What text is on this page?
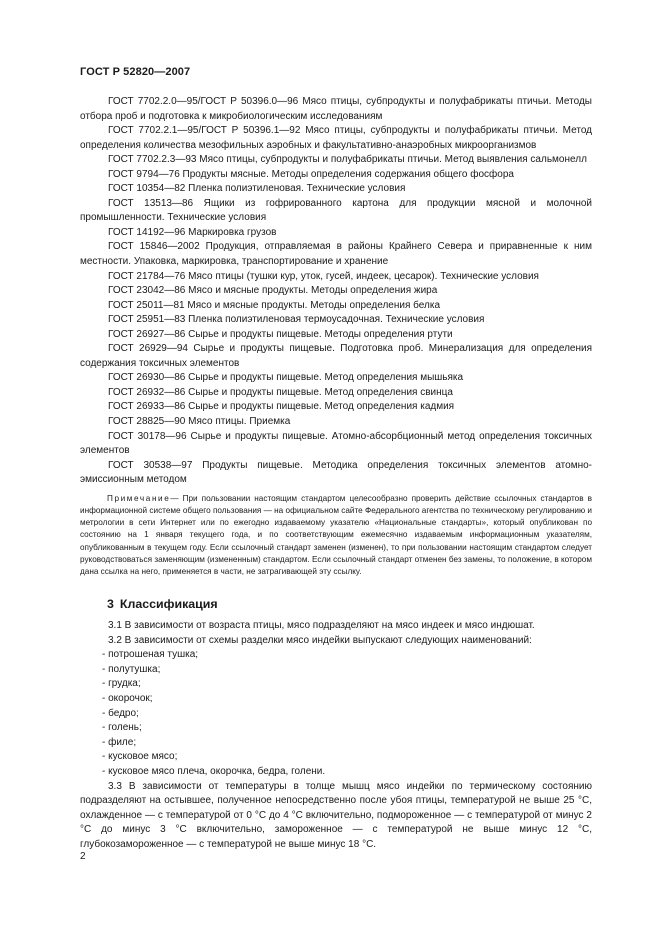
ГОСТ Р 52820—2007

ГОСТ 7702.2.0—95/ГОСТ Р 50396.0—96 Мясо птицы, субпродукты и полуфабрикаты птичьи. Методы отбора проб и подготовка к микробиологическим исследованиям

ГОСТ 7702.2.1—95/ГОСТ Р 50396.1—92 Мясо птицы, субпродукты и полуфабрикаты птичьи. Метод определения количества мезофильных аэробных и факультативно-анаэробных микроорганизмов

ГОСТ 7702.2.3—93 Мясо птицы, субпродукты и полуфабрикаты птичьи. Метод выявления сальмонелл

ГОСТ 9794—76 Продукты мясные. Методы определения содержания общего фосфора

ГОСТ 10354—82 Пленка полиэтиленовая. Технические условия

ГОСТ 13513—86 Ящики из гофрированного картона для продукции мясной и молочной промышленности. Технические условия

ГОСТ 14192—96 Маркировка грузов

ГОСТ 15846—2002 Продукция, отправляемая в районы Крайнего Севера и приравненные к ним местности. Упаковка, маркировка, транспортирование и хранение

ГОСТ 21784—76 Мясо птицы (тушки кур, уток, гусей, индеек, цесарок). Технические условия

ГОСТ 23042—86 Мясо и мясные продукты. Методы определения жира

ГОСТ 25011—81 Мясо и мясные продукты. Методы определения белка

ГОСТ 25951—83 Пленка полиэтиленовая термоусадочная. Технические условия

ГОСТ 26927—86 Сырье и продукты пищевые. Методы определения ртути

ГОСТ 26929—94 Сырье и продукты пищевые. Подготовка проб. Минерализация для определения содержания токсичных элементов

ГОСТ 26930—86 Сырье и продукты пищевые. Метод определения мышьяка

ГОСТ 26932—86 Сырье и продукты пищевые. Метод определения свинца

ГОСТ 26933—86 Сырье и продукты пищевые. Метод определения кадмия

ГОСТ 28825—90 Мясо птицы. Приемка

ГОСТ 30178—96 Сырье и продукты пищевые. Атомно-абсорбционный метод определения токсичных элементов

ГОСТ 30538—97 Продукты пищевые. Методика определения токсичных элементов атомно-эмиссионным методом

Примечание— При пользовании настоящим стандартом целесообразно проверить действие ссылочных стандартов в информационной системе общего пользования — на официальном сайте Федерального агентства по техническому регулированию и метрологии в сети Интернет или по ежегодно издаваемому указателю «Национальные стандарты», который опубликован по состоянию на 1 января текущего года, и по соответствующим ежемесячно издаваемым информационным указателям, опубликованным в текущем году. Если ссылочный стандарт заменен (изменен), то при пользовании настоящим стандартом следует руководствоваться заменяющим (измененным) стандартом. Если ссылочный стандарт отменен без замены, то положение, в котором дана ссылка на него, применяется в части, не затрагивающей эту ссылку.

3 Классификация

3.1 В зависимости от возраста птицы, мясо подразделяют на мясо индеек и мясо индюшат.

3.2 В зависимости от схемы разделки мясо индейки выпускают следующих наименований:

- потрошеная тушка;
- полутушка;
- грудка;
- окорочок;
- бедро;
- голень;
- филе;
- кусковое мясо;
- кусковое мясо плеча, окорочка, бедра, голени.

3.3 В зависимости от температуры в толще мышц мясо индейки по термическому состоянию подразделяют на остывшее, полученное непосредственно после убоя птицы, температурой не выше 25 °С, охлажденное — с температурой от 0 °С до 4 °С включительно, подмороженное — с температурой от минус 2 °С до минус 3 °С включительно, замороженное — с температурой не выше минус 12 °С, глубокозамороженное — с температурой не выше минус 18 °С.

2
